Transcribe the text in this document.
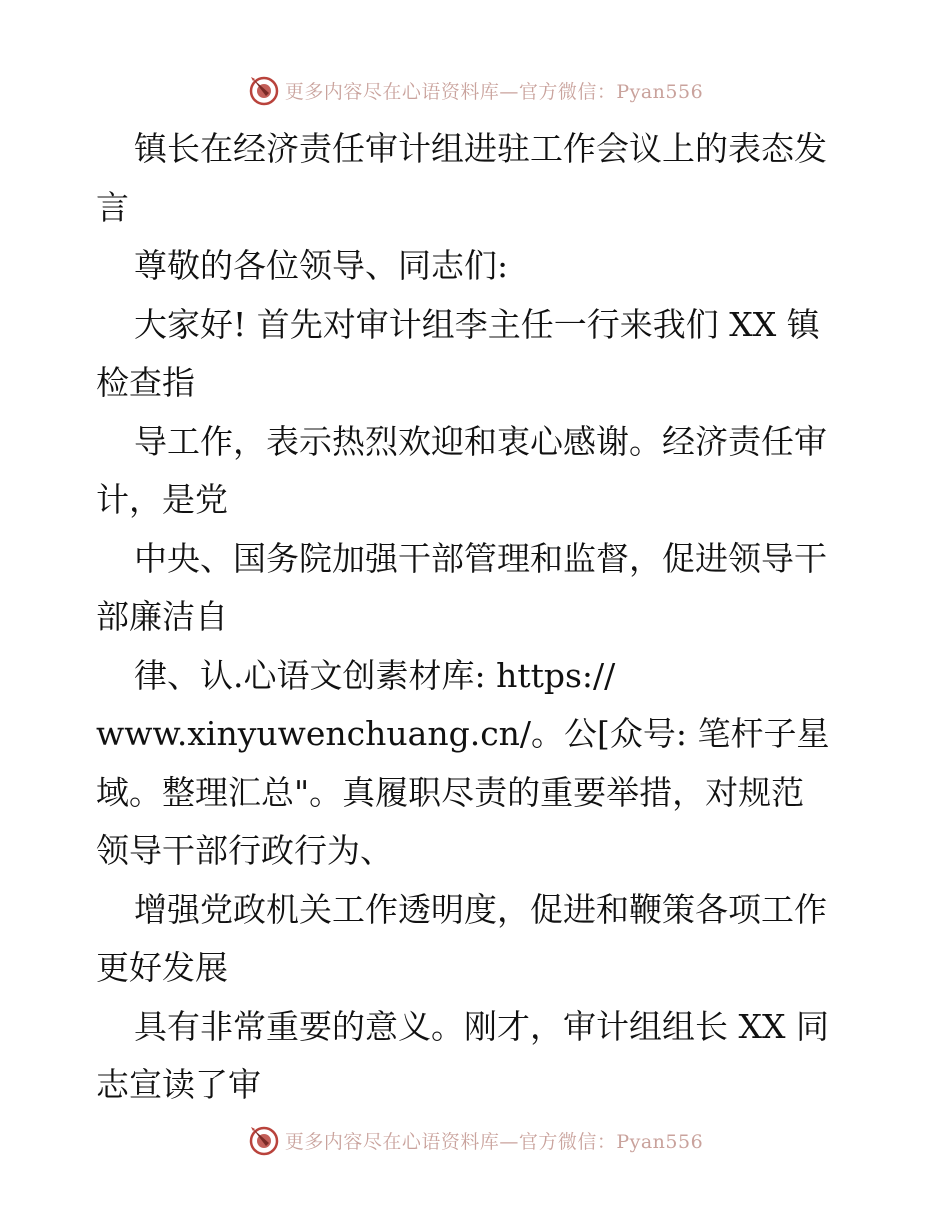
更多内容尽在心语资料库—官方微信：Pyan556
镇长在经济责任审计组进驻工作会议上的表态发
言
尊敬的各位领导、同志们:
大家好! 首先对审计组李主任一行来我们 XX 镇
检查指
导工作，表示热烈欢迎和衷心感谢。经济责任审
计，是党
中央、国务院加强干部管理和监督，促进领导干
部廉洁自
律、认.心语文创素材库: https://
www.xinyuwenchuang.cn/。公[众号: 笔杆子星
域。整理汇总"。真履职尽责的重要举措，对规范
领导干部行政行为、
增强党政机关工作透明度，促进和鞭策各项工作
更好发展
具有非常重要的意义。刚才，审计组组长 XX 同
志宣读了审
更多内容尽在心语资料库—官方微信：Pyan556
